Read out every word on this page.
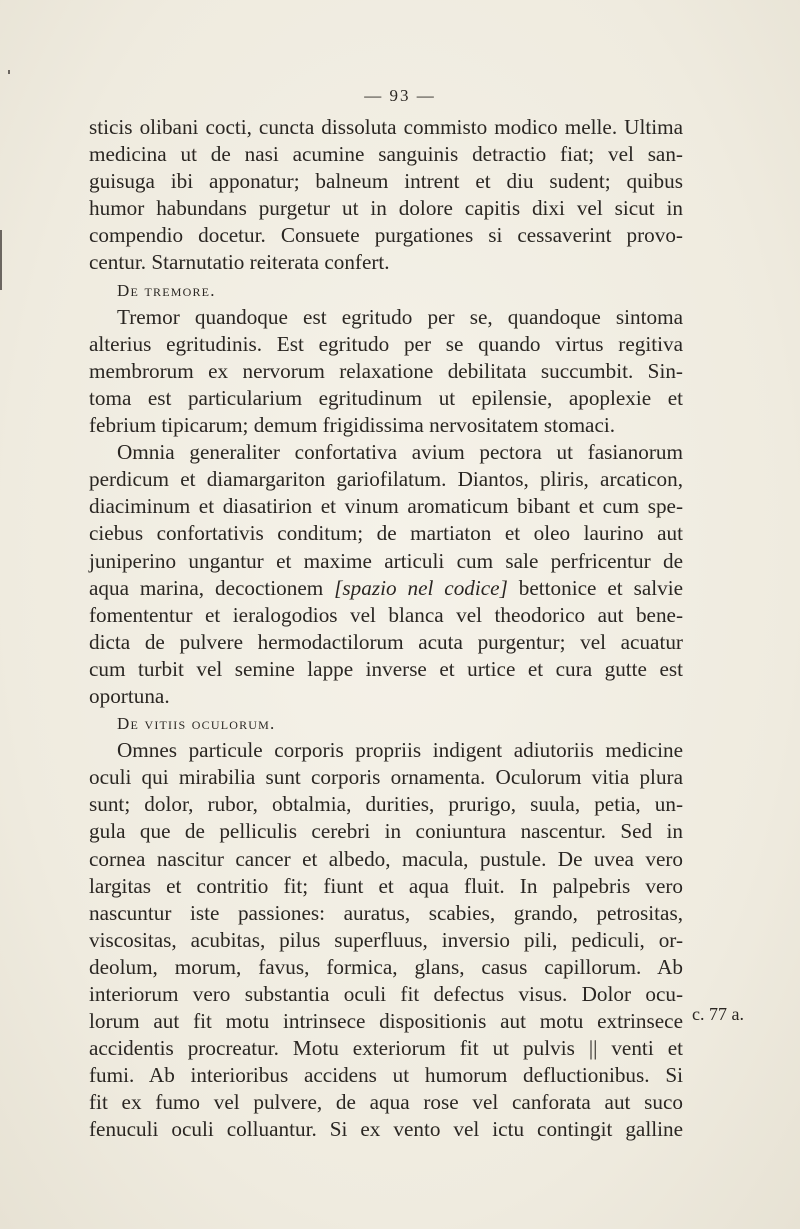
— 93 —
sticis olibani cocti, cuncta dissoluta commisto modico melle. Ultima
medicina ut de nasi acumine sanguinis detractio fiat; vel san-
guisuga ibi apponatur; balneum intrent et diu sudent; quibus
humor habundans purgetur ut in dolore capitis dixi vel sicut in
compendio docetur. Consuete purgationes si cessaverint provo-
centur. Starnutatio reiterata confert.
De tremore.
Tremor quandoque est egritudo per se, quandoque sintoma
alterius egritudinis. Est egritudo per se quando virtus regitiva
membrorum ex nervorum relaxatione debilitata succumbit. Sin-
toma est particularium egritudinum ut epilensie, apoplexie et
febrium tipicarum; demum frigidissima nervositatem stomaci.
Omnia generaliter confortativa avium pectora ut fasianorum
perdicum et diamargariton gariofilatum. Diantos, pliris, arcaticon,
diaciminum et diasatirion et vinum aromaticum bibant et cum spe-
ciebus confortativis conditum; de martiaton et oleo laurino aut
juniperino ungantur et maxime articuli cum sale perfricentur de
aqua marina, decoctionem [spazio nel codice] bettonice et salvie
fomententur et ieralogodios vel blanca vel theodorico aut bene-
dicta de pulvere hermodactilorum acuta purgentur; vel acuatur
cum turbit vel semine lappe inverse et urtice et cura gutte est
oportuna.
De vitiis oculorum.
Omnes particule corporis propriis indigent adiutoriis medicine
oculi qui mirabilia sunt corporis ornamenta. Oculorum vitia plura
sunt; dolor, rubor, obtalmia, durities, prurigo, suula, petia, un-
gula que de pelliculis cerebri in coniuntura nascentur. Sed in
cornea nascitur cancer et albedo, macula, pustule. De uvea vero
largitas et contritio fit; fiunt et aqua fluit. In palpebris vero
nascuntur iste passiones: auratus, scabies, grando, petrositas,
viscositas, acubitas, pilus superfluus, inversio pili, pediculi, or-
deolum, morum, favus, formica, glans, casus capillorum. Ab
interiorum vero substantia oculi fit defectus visus. Dolor ocu-
lorum aut fit motu intrinsece dispositionis aut motu extrinsece
accidentis procreatur. Motu exteriorum fit ut pulvis || venti et
fumi. Ab interioribus accidens ut humorum defluctionibus. Si
fit ex fumo vel pulvere, de aqua rose vel canforata aut suco
fenuculi oculi colluantur. Si ex vento vel ictu contingit galline
c. 77 a.
